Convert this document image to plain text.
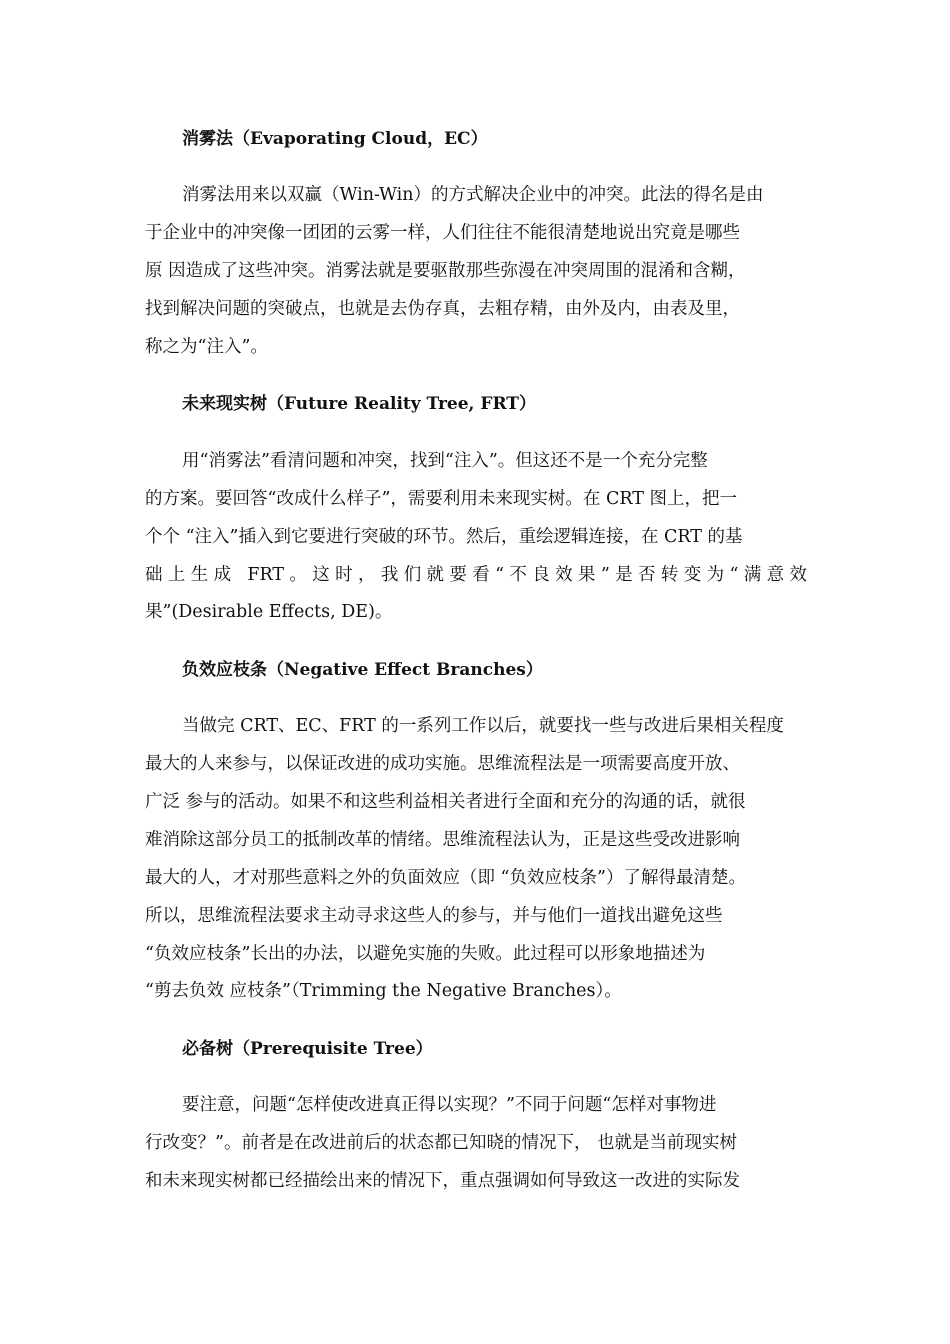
消雾法（Evaporating Cloud，EC）
消雾法用来以双赢（Win-Win）的方式解决企业中的冲突。此法的得名是由
于企业中的冲突像一团团的云雾一样，人们往往不能很清楚地说出究竟是哪些
原 因造成了这些冲突。消雾法就是要驱散那些弥漫在冲突周围的混淆和含糊，
找到解决问题的突破点，也就是去伪存真，去粗存精，由外及内，由表及里，
称之为“注入”。
未来现实树（Future Reality Tree, FRT）
用“消雾法”看清问题和冲突，找到“注入”。但这还不是一个充分完整
的方案。要回答“改成什么样子”，需要利用未来现实树。在 CRT 图上，把一
个个 “注入”插入到它要进行突破的环节。然后，重绘逻辑连接，在 CRT 的基
础上生成 FRT。这时，我们就要看“不良效果”是否转变为“满意效
果”(Desirable Effects, DE)。
负效应枝条（Negative Effect Branches）
当做完 CRT、EC、FRT 的一系列工作以后，就要找一些与改进后果相关程度
最大的人来参与，以保证改进的成功实施。思维流程法是一项需要高度开放、
广泛 参与的活动。如果不和这些利益相关者进行全面和充分的沟通的话，就很
难消除这部分员工的抵制改革的情绪。思维流程法认为，正是这些受改进影响
最大的人，才对那些意料之外的负面效应（即 “负效应枝条”）了解得最清楚。
所以，思维流程法要求主动寻求这些人的参与，并与他们一道找出避免这些
“负效应枝条”长出的办法，以避免实施的失败。此过程可以形象地描述为
“剪去负效 应枝条”（Trimming the Negative Branches）。
必备树（Prerequisite Tree）
要注意，问题“怎样使改进真正得以实现？”不同于问题“怎样对事物进
行改变？”。前者是在改进前后的状态都已知晓的情况下， 也就是当前现实树
和未来现实树都已经描绘出来的情况下，重点强调如何导致这一改进的实际发
